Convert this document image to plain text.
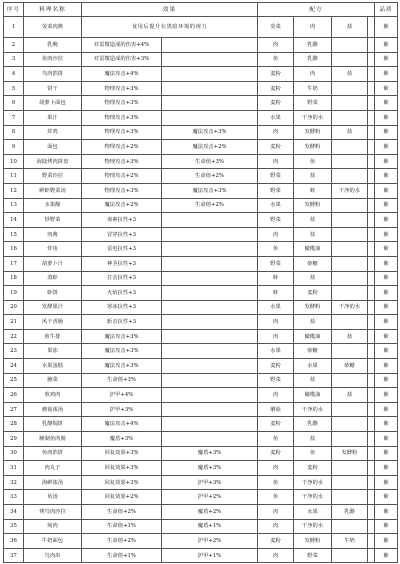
序号	料理名称	效果		配方				品质
1	荧菜肉酱	食用后提升在黑暗环境的视力		荧菜	肉	盐		紫
2	乳晚	对雷微造成的伤害+4%		肉	乳酪			紫
3	鱼肉沙拉	对雷微造成的伤害+3%		鱼	乳酪			紫
4	鸟肉馅饼	魔法攻击+4%		麦粉	肉	盐		紫
5	饼干	物理攻击+3%		麦粉	牛奶			紫
6	胡萝卜面包	物理攻击+3%		麦粉	野菜			紫
7	果汁	物理攻击+3%		水果	干净的水			紫
8	炸鸡	物理攻击+3%	魔法攻击+3%	肉	发酵粉	盐		紫
9	面包	物理攻击+2%	魔法攻击+2%	麦粉	发酵粉			紫
10	海陆烤肉拼盘	物理攻击+3%	生命值+3%	肉	鱼			紫
11	野菜沙拉	物理攻击+2%	生命值+2%	野菜	盐			紫
12	鲜虾野菜汤	物理攻击+3%	魔法攻击+3%	野菜	虾	干净的水		紫
13	水果酿	魔法攻击+2%	生命值+2%	水果	发酵粉			紫
14	炒野菜	毒素抗性+3		野菜	盐			紫
15	肉酱	冒穿抗性+3		肉	盐			紫
16	炸鱼	雷电抗性+3		鱼	橄榄油			紫
17	胡萝卜汁	神圣抗性+3		野菜	砂糖			紫
18	蒸虾	打击抗性+3		虾	盐			紫
19	虾饼	火焰抗性+3		虾	麦粉			紫
20	发酵果汁	寒冰抗性+3		水果	发酵粉	干净的水		紫
21	风干香肠	斩击抗性+3		肉	盐			紫
22	煎牛排	魔法攻击+3%		肉	橄榄油	盐		紫
23	果冻	魔法攻击+3%		水果	砂糖			紫
24	水果蛋糕	魔法攻击+3%		麦粉	水果	砂糖		紫
25	腌菜	生命值+3%		野菜	盐			紫
26	煎鸡肉	护甲+4%		肉	橄榄油	盐		紫
27	蘑菇浓汤	护甲+3%		蘑菇	干净的水			紫
28	乳酪焗饼	魔法攻击+4%		麦粉	乳酪			紫
29	腌制鱼肉肠	魔盾+3%		鱼	盐			紫
30	鱼肉馅饼	回复效果+3%	魔盾+3%	麦粉	鱼	发酵粉		紫
31	肉丸子	回复效果+3%	魔盾+3%	肉	麦粉			紫
32	海鲜浓汤	回复效果+3%	护甲+3%	鱼	干净的水			紫
33	鱼汤	回复效果+2%	护甲+2%	鱼	干净的水			紫
34	烤鸟肉沙拉	生命值+2%	魔盾+2%	肉	水果	乳酪		紫
35	炖肉	生命值+1%	魔盾+1%	肉	干净的水			紫
36	牛奶面包	生命值+2%	护甲+2%	麦粉	发酵粉	牛奶		紫
37	鸟肉串	生命值+1%	护甲+1%	肉	野菜			紫
